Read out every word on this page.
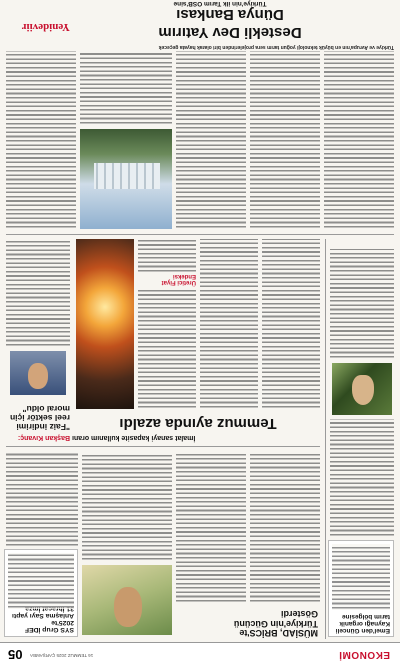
EKONOMİ
16 TEMMUZ 2025 ÇARŞAMBA
05
Emel'den Günceli
Kaynağı organik
tarım bölgesine
MÜSİAD, BRİCS'te
Türkiye'nin Gücünü
Gösterdi
SYS Grup İDEF 2025'te
Anlaşma Sayı yaptı
İmalat sanayi kapasite kullanım oranı
Temmuz ayında azaldı
Üretici Fiyat Endeksi
Başkan Kıvanç:
"Faiz indirimi
reel sektör için
moral oldu"
Türkiye ve Avrupa'nın en büyük teknoloji yoğun tarım sera projelerinden biri olarak hayata geçecek
Destekli Dev Yatırım
Dünya Bankası
Türkiye'nin ilk Tarım OSB'sine
Yenideviir
